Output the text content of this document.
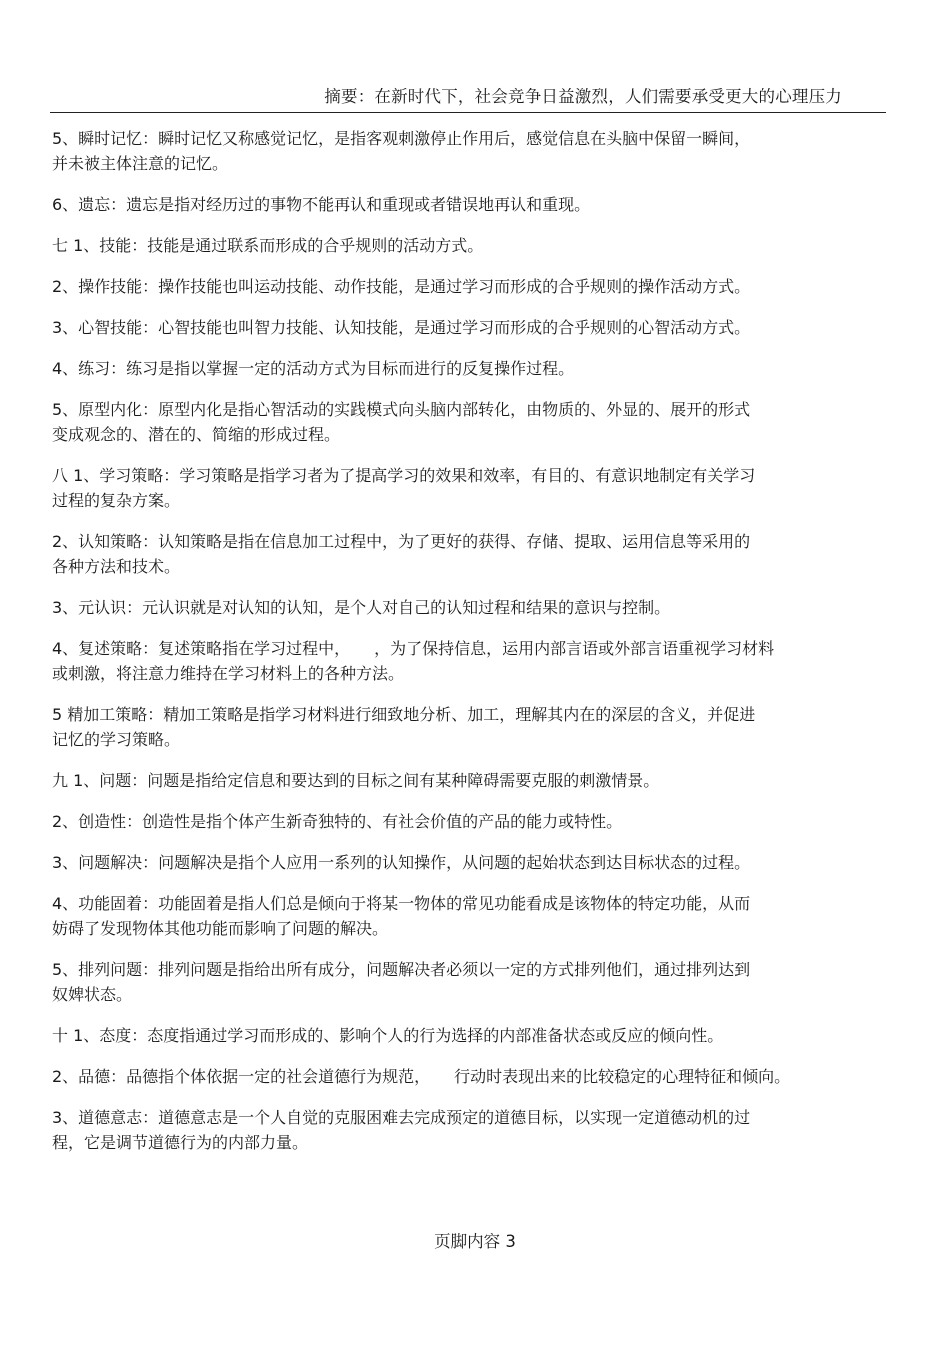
摘要：在新时代下，社会竞争日益激烈，人们需要承受更大的心理压力

5、瞬时记忆：瞬时记忆又称感觉记忆，是指客观刺激停止作用后，感觉信息在头脑中保留一瞬间，
并未被主体注意的记忆。

6、遗忘：遗忘是指对经历过的事物不能再认和重现或者错误地再认和重现。

七 1、技能：技能是通过联系而形成的合乎规则的活动方式。

2、操作技能：操作技能也叫运动技能、动作技能，是通过学习而形成的合乎规则的操作活动方式。

3、心智技能：心智技能也叫智力技能、认知技能，是通过学习而形成的合乎规则的心智活动方式。

4、练习：练习是指以掌握一定的活动方式为目标而进行的反复操作过程。

5、原型内化：原型内化是指心智活动的实践模式向头脑内部转化，由物质的、外显的、展开的形式
变成观念的、潜在的、简缩的形成过程。

八 1、学习策略：学习策略是指学习者为了提高学习的效果和效率，有目的、有意识地制定有关学习
过程的复杂方案。

2、认知策略：认知策略是指在信息加工过程中，为了更好的获得、存储、提取、运用信息等采用的
各种方法和技术。

3、元认识：元认识就是对认知的认知，是个人对自己的认知过程和结果的意识与控制。

4、复述策略：复述策略指在学习过程中，　　，为了保持信息，运用内部言语或外部言语重视学习材料
或刺激，将注意力维持在学习材料上的各种方法。

5 精加工策略：精加工策略是指学习材料进行细致地分析、加工，理解其内在的深层的含义，并促进
记忆的学习策略。

九 1、问题：问题是指给定信息和要达到的目标之间有某种障碍需要克服的刺激情景。

2、创造性：创造性是指个体产生新奇独特的、有社会价值的产品的能力或特性。

3、问题解决：问题解决是指个人应用一系列的认知操作，从问题的起始状态到达目标状态的过程。

4、功能固着：功能固着是指人们总是倾向于将某一物体的常见功能看成是该物体的特定功能，从而
妨碍了发现物体其他功能而影响了问题的解决。

5、排列问题：排列问题是指给出所有成分，问题解决者必须以一定的方式排列他们，通过排列达到
奴婢状态。

十 1、态度：态度指通过学习而形成的、影响个人的行为选择的内部准备状态或反应的倾向性。

2、品德：品德指个体依据一定的社会道德行为规范，　　行动时表现出来的比较稳定的心理特征和倾向。

3、道德意志：道德意志是一个人自觉的克服困难去完成预定的道德目标，以实现一定道德动机的过
程，它是调节道德行为的内部力量。

页脚内容 3
